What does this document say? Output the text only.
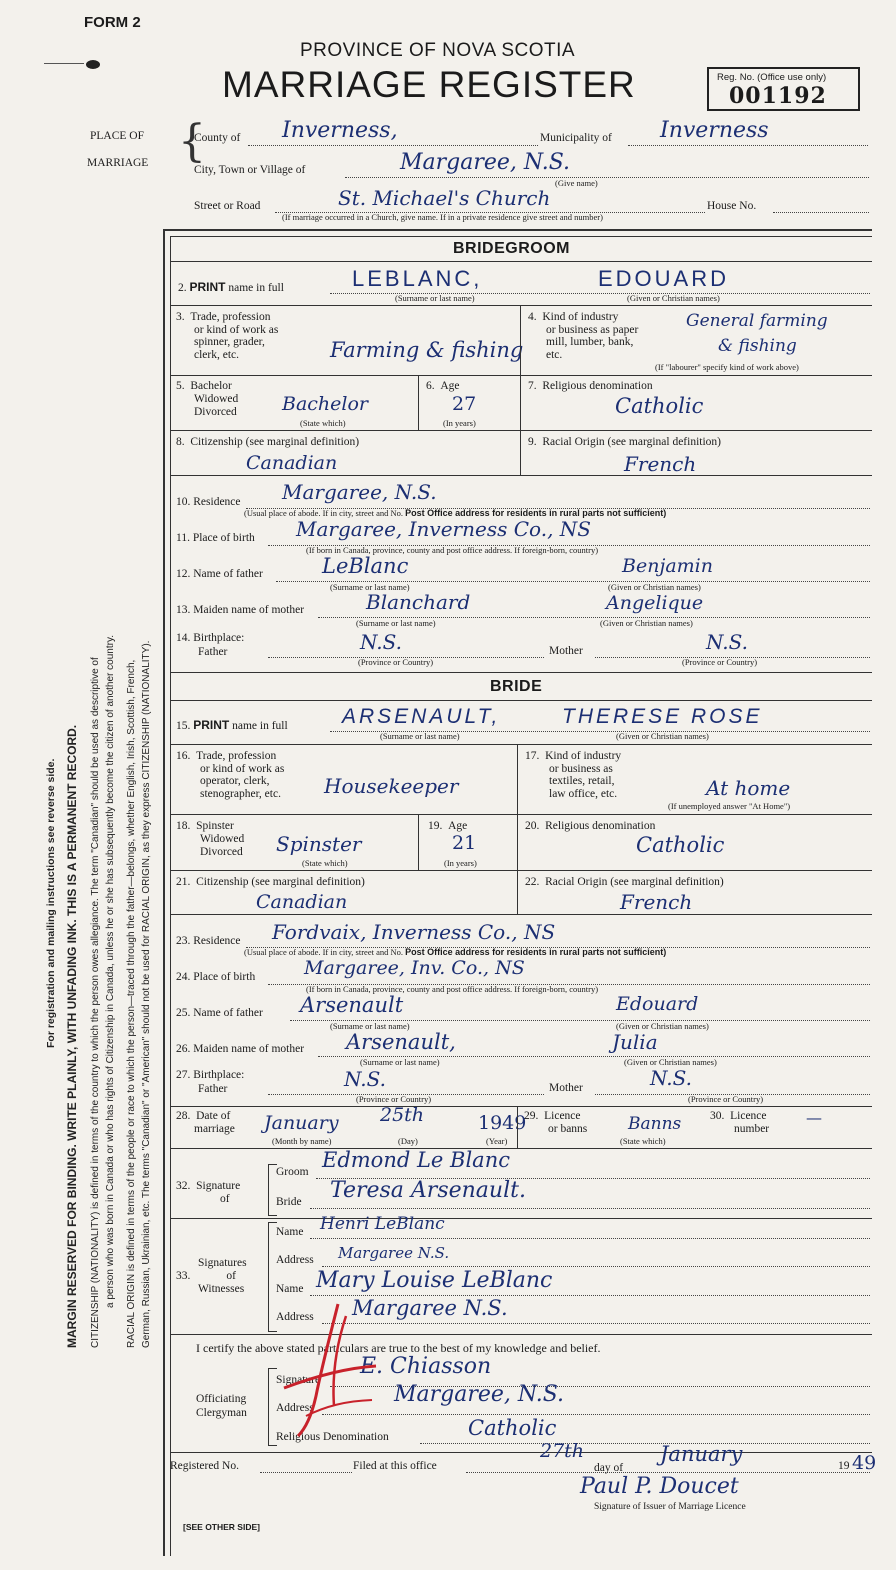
FORM 2
PROVINCE OF NOVA SCOTIA
MARRIAGE REGISTER	Reg. No. (Office use only)
001192
PLACE OF
MARRIAGE {
County of Inverness,	Municipality of Inverness
City, Town or Village of	Margaree, N.S.
(Give name)
Street or Road	St. Michael's Church	House No.
(If marriage occurred in a Church, give name. If in a private residence give street and number)
For registration and mailing instructions see reverse side. MARGIN RESERVED FOR BINDING. WRITE PLAINLY, WITH UNFADING INK. THIS IS A PERMANENT RECORD. CITIZENSHIP (NATIONALITY) is defined in terms of the country to which the person owes allegiance. The term "Canadian" should be used as descriptive of a person who was born in Canada or who has rights of Citizenship in Canada, unless he or she has subsequently become the citizen of another country. RACIAL ORIGIN is defined in terms of the people or race to which the person—traced through the father—belongs, whether English, Irish, Scottish, French, German, Russian, Ukrainian, etc. The terms "Canadian" or "American" should not be used for RACIAL ORIGIN, as they express CITIZENSHIP (NATIONALITY).
BRIDEGROOM
2. PRINT name in full	LEBLANC,	EDOUARD
(Surname or last name)	(Given or Christian names)
3. Trade, profession
or kind of work as
spinner, grader,
clerk, etc.	Farming & fishing
4. Kind of industry
or business as paper
mill, lumber, bank,
etc.
General farming
& fishing
(If "labourer" specify kind of work above)
5. Bachelor
Widowed
Divorced Bachelor
(State which)
6. Age
27
(In years)
7. Religious denomination
Catholic
8. Citizenship (see marginal definition)
Canadian
9. Racial Origin (see marginal definition)
French
10. Residence Margaree, N.S.
(Usual place of abode. If in city, street and No. Post Office address for residents in rural parts not sufficient)
11. Place of birth Margaree, Inverness Co., NS
(If born in Canada, province, county and post office address. If foreign-born, country)
12. Name of father	LeBlanc	Benjamin
(Surname or last name)	(Given or Christian names)
13. Maiden name of mother	Blanchard	Angelique
(Surname or last name)	(Given or Christian names)
14. Birthplace:
Father	N.S.	Mother	N.S.
(Province or Country)	(Province or Country)
BRIDE
15. PRINT name in full	ARSENAULT,	THERESE ROSE
(Surname or last name)	(Given or Christian names)
16. Trade, profession
or kind of work as
operator, clerk,
stenographer, etc. Housekeeper
17. Kind of industry
or business as
textiles, retail,
law office, etc.	At home
(If unemployed answer "At Home")
18. Spinster
Widowed
Divorced Spinster
(State which)
19. Age
21
(In years)
20. Religious denomination
Catholic
21. Citizenship (see marginal definition)
Canadian
22. Racial Origin (see marginal definition)
French
23. Residence Fordvaix, Inverness Co., NS
(Usual place of abode. If in city, street and No. Post Office address for residents in rural parts not sufficient)
24. Place of birth	Margaree, Inv. Co., NS
(If born in Canada, province, county and post office address. If foreign-born, country)
25. Name of father Arsenault	Edouard
(Surname or last name)	(Given or Christian names)
26. Maiden name of mother Arsenault,	Julia
(Surname or last name)	(Given or Christian names)
27. Birthplace:
Father	N.S.	Mother	N.S.
(Province or Country)	(Province or Country)
28. Date of
marriage January 25th	1949
(Month by name)	(Day)	(Year)
29. Licence
or banns Banns
(State which)
30. Licence
number
—
32. Signature
of
Groom Edmond Le Blanc
Bride Teresa Arsenault.
Signatures
33.	of
Witnesses
Name Henri LeBlanc
Address Margaree N.S.
Name Mary Louise LeBlanc
Address Margaree N.S.
I certify the above stated particulars are true to the best of my knowledge and belief.
Officiating
Clergyman
Signature
E. Chiasson
Address
Margaree, N.S.
Religious Denomination	Catholic
Registered No.	Filed at this office
27th
day of
January	19 49
Paul P. Doucet
Signature of Issuer of Marriage Licence
[SEE OTHER SIDE]
